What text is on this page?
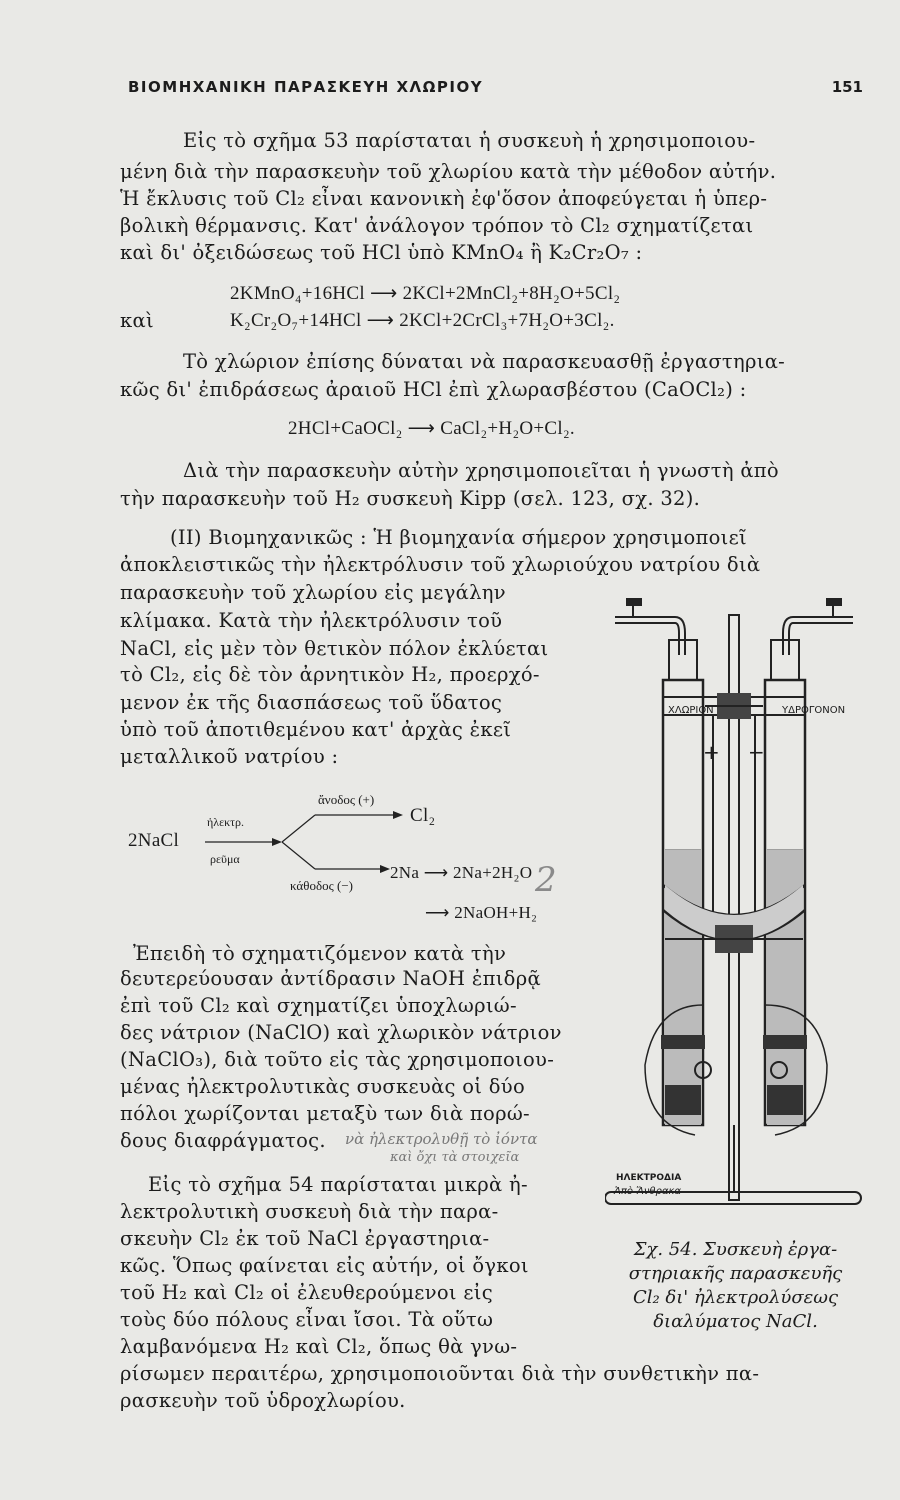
ΒΙΟΜΗΧΑΝΙΚΗ ΠΑΡΑΣΚΕΥΗ ΧΛΩΡΙΟΥ	151
Εἰς τὸ σχῆμα 53 παρίσταται ἡ συσκευὴ ἡ χρησιμοποιου-
μένη διὰ τὴν παρασκευὴν τοῦ χλωρίου κατὰ τὴν μέθοδον αὐτήν.
Ἡ ἔκλυσις τοῦ Cl₂ εἶναι κανονικὴ ἐφ'ὅσον ἀποφεύγεται ἡ ὑπερ-
βολικὴ θέρμανσις. Κατ' ἀνάλογον τρόπον τὸ Cl₂ σχηματίζεται
καὶ δι' ὀξειδώσεως τοῦ HCl ὑπὸ KMnO₄ ἢ K₂Cr₂O₇ :
2KMnO₄+16HCl ⟶ 2KCl+2MnCl₂+8H₂O+5Cl₂
καὶ	K₂Cr₂O₇+14HCl ⟶ 2KCl+2CrCl₃+7H₂O+3Cl₂.
Τὸ χλώριον ἐπίσης δύναται νὰ παρασκευασθῇ ἐργαστηρια-
κῶς δι' ἐπιδράσεως ἀραιοῦ HCl ἐπὶ χλωρασβέστου (CaOCl₂) :
2HCl+CaOCl₂ ⟶ CaCl₂+H₂O+Cl₂.
Διὰ τὴν παρασκευὴν αὐτὴν χρησιμοποιεῖται ἡ γνωστὴ ἀπὸ
τὴν παρασκευὴν τοῦ H₂ συσκευὴ Kipp (σελ. 123, σχ. 32).
(II) Βιομηχανικῶς : Ἡ βιομηχανία σήμερον χρησιμοποιεῖ
ἀποκλειστικῶς τὴν ἠλεκτρόλυσιν τοῦ χλωριούχου νατρίου διὰ
παρασκευὴν τοῦ χλωρίου εἰς μεγάλην
κλίμακα. Κατὰ τὴν ἠλεκτρόλυσιν τοῦ
NaCl, εἰς μὲν τὸν θετικὸν πόλον ἐκλύεται
τὸ Cl₂, εἰς δὲ τὸν ἀρνητικὸν H₂, προερχό-
μενον ἐκ τῆς διασπάσεως τοῦ ὕδατος
ὑπὸ τοῦ ἀποτιθεμένου κατ' ἀρχὰς ἐκεῖ
μεταλλικοῦ νατρίου :
2NaCl
ἠλεκτρ.
ρεῦμα
ἄνοδος (+)
Cl₂
κάθοδος (−)
2Na ⟶ 2Na+2H₂O
⟶ 2NaOH+H₂
2
Ἐπειδὴ τὸ σχηματιζόμενον κατὰ τὴν
δευτερεύουσαν ἀντίδρασιν NaOH ἐπιδρᾷ
ἐπὶ τοῦ Cl₂ καὶ σχηματίζει ὑποχλωριώ-
δες νάτριον (NaClO) καὶ χλωρικὸν νάτριον
(NaClO₃), διὰ τοῦτο εἰς τὰς χρησιμοποιου-
μένας ἠλεκτρολυτικὰς συσκευὰς οἱ δύο
πόλοι χωρίζονται μεταξὺ των διὰ πορώ-
δους διαφράγματος. νὰ ἠλεκτρολυθῇ τὸ ἰόντα
καὶ ὄχι τὰ στοιχεῖα
Εἰς τὸ σχῆμα 54 παρίσταται μικρὰ ἠ-
λεκτρολυτικὴ συσκευὴ διὰ τὴν παρα-
σκευὴν Cl₂ ἐκ τοῦ NaCl ἐργαστηρια-
κῶς. Ὅπως φαίνεται εἰς αὐτήν, οἱ ὄγκοι
τοῦ H₂ καὶ Cl₂ οἱ ἐλευθερούμενοι εἰς
τοὺς δύο πόλους εἶναι ἴσοι. Τὰ οὕτω
λαμβανόμενα H₂ καὶ Cl₂, ὅπως θὰ γνω-
ρίσωμεν περαιτέρω, χρησιμοποιοῦνται διὰ τὴν συνθετικὴν πα-
ρασκευὴν τοῦ ὑδροχλωρίου.
ΧΛΩΡΙΟΝ	ΥΔΡΟΓΟΝΟΝ
+ −
ΗΛΕΚΤΡΟΔΙΑ
Ἀπὸ Ἄνθρακα
Σχ. 54. Συσκευὴ ἐργα-
στηριακῆς παρασκευῆς
Cl₂ δι' ἠλεκτρολύσεως
διαλύματος NaCl.
